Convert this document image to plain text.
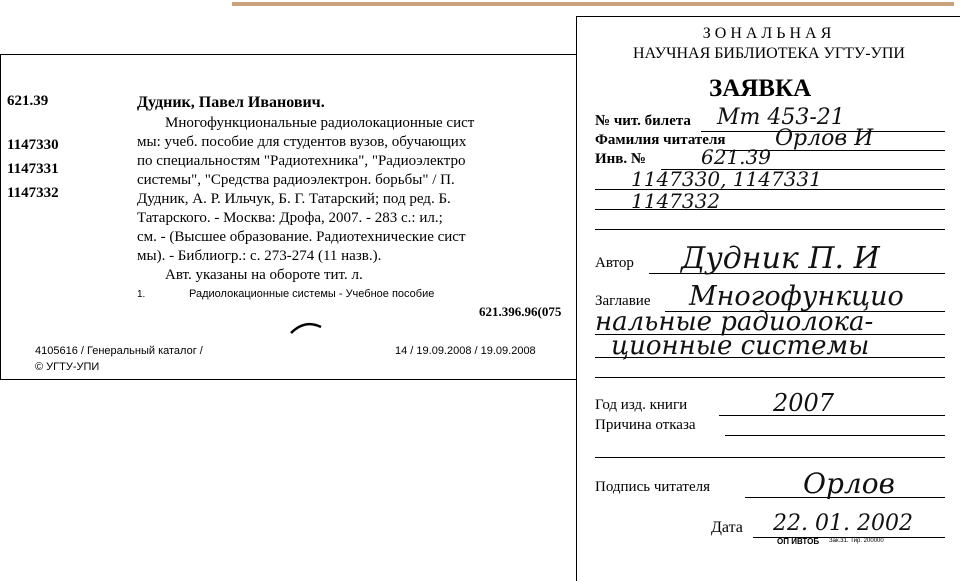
621.39
1147330
1147331
1147332
Дудник, Павел Иванович.
Многофункциональные радиолокационные сист
мы: учеб. пособие для студентов вузов, обучающих
по специальностям "Радиотехника", "Радиоэлектро
системы", "Средства радиоэлектрон. борьбы" / П.
Дудник, А. Р. Ильчук, Б. Г. Татарский; под ред. Б.
Татарского. - Москва: Дрофа, 2007. - 283 с.: ил.;
см. - (Высшее образование. Радиотехнические сист
мы). - Библиогр.: с. 273-274 (11 назв.).
Авт. указаны на обороте тит. л.
1.	Радиолокационные системы - Учебное пособие
621.396.96(075
4105616 / Генеральный каталог /	14 / 19.09.2008 / 19.09.2008
© УГТУ-УПИ
ЗОНАЛЬНАЯ
НАУЧНАЯ БИБЛИОТЕКА УГТУ-УПИ
ЗАЯВКА
№ чит. билета Мт 453-21
Фамилия читателя Орлов И
Инв. №	621.39
1147330, 1147331
1147332
Автор Дудник П. И
Заглавие Многофункцио
нальные радиолока-
ционные системы
Год изд. книги	2007
Причина отказа
Подпись читателя	Орлов
Дата 22. 01. 2002
ОП ИВТОБ Зак.31. Тир. 200000
